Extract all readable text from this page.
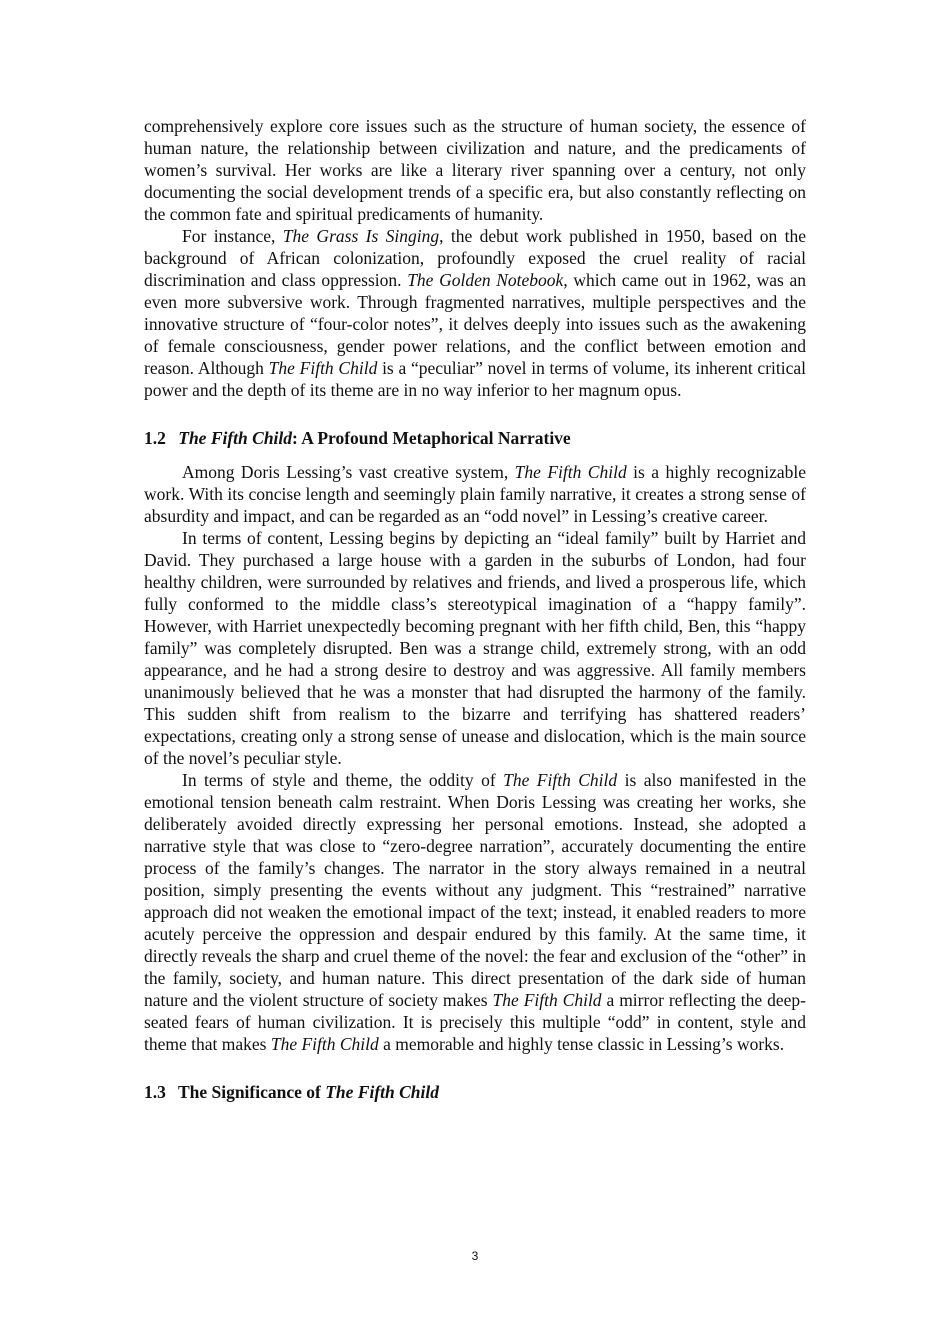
comprehensively explore core issues such as the structure of human society, the essence of human nature, the relationship between civilization and nature, and the predicaments of women’s survival. Her works are like a literary river spanning over a century, not only documenting the social development trends of a specific era, but also constantly reflecting on the common fate and spiritual predicaments of humanity.

For instance, The Grass Is Singing, the debut work published in 1950, based on the background of African colonization, profoundly exposed the cruel reality of racial discrimination and class oppression. The Golden Notebook, which came out in 1962, was an even more subversive work. Through fragmented narratives, multiple perspectives and the innovative structure of “four-color notes”, it delves deeply into issues such as the awakening of female consciousness, gender power relations, and the conflict between emotion and reason. Although The Fifth Child is a “peculiar” novel in terms of volume, its inherent critical power and the depth of its theme are in no way inferior to her magnum opus.

1.2 The Fifth Child: A Profound Metaphorical Narrative

Among Doris Lessing’s vast creative system, The Fifth Child is a highly recognizable work. With its concise length and seemingly plain family narrative, it creates a strong sense of absurdity and impact, and can be regarded as an “odd novel” in Lessing’s creative career.

In terms of content, Lessing begins by depicting an “ideal family” built by Harriet and David. They purchased a large house with a garden in the suburbs of London, had four healthy children, were surrounded by relatives and friends, and lived a prosperous life, which fully conformed to the middle class’s stereotypical imagination of a “happy family”. However, with Harriet unexpectedly becoming pregnant with her fifth child, Ben, this “happy family” was completely disrupted. Ben was a strange child, extremely strong, with an odd appearance, and he had a strong desire to destroy and was aggressive. All family members unanimously believed that he was a monster that had disrupted the harmony of the family. This sudden shift from realism to the bizarre and terrifying has shattered readers’ expectations, creating only a strong sense of unease and dislocation, which is the main source of the novel’s peculiar style.

In terms of style and theme, the oddity of The Fifth Child is also manifested in the emotional tension beneath calm restraint. When Doris Lessing was creating her works, she deliberately avoided directly expressing her personal emotions. Instead, she adopted a narrative style that was close to “zero-degree narration”, accurately documenting the entire process of the family’s changes. The narrator in the story always remained in a neutral position, simply presenting the events without any judgment. This “restrained” narrative approach did not weaken the emotional impact of the text; instead, it enabled readers to more acutely perceive the oppression and despair endured by this family. At the same time, it directly reveals the sharp and cruel theme of the novel: the fear and exclusion of the “other” in the family, society, and human nature. This direct presentation of the dark side of human nature and the violent structure of society makes The Fifth Child a mirror reflecting the deep-seated fears of human civilization. It is precisely this multiple “odd” in content, style and theme that makes The Fifth Child a memorable and highly tense classic in Lessing’s works.

1.3 The Significance of The Fifth Child
3
